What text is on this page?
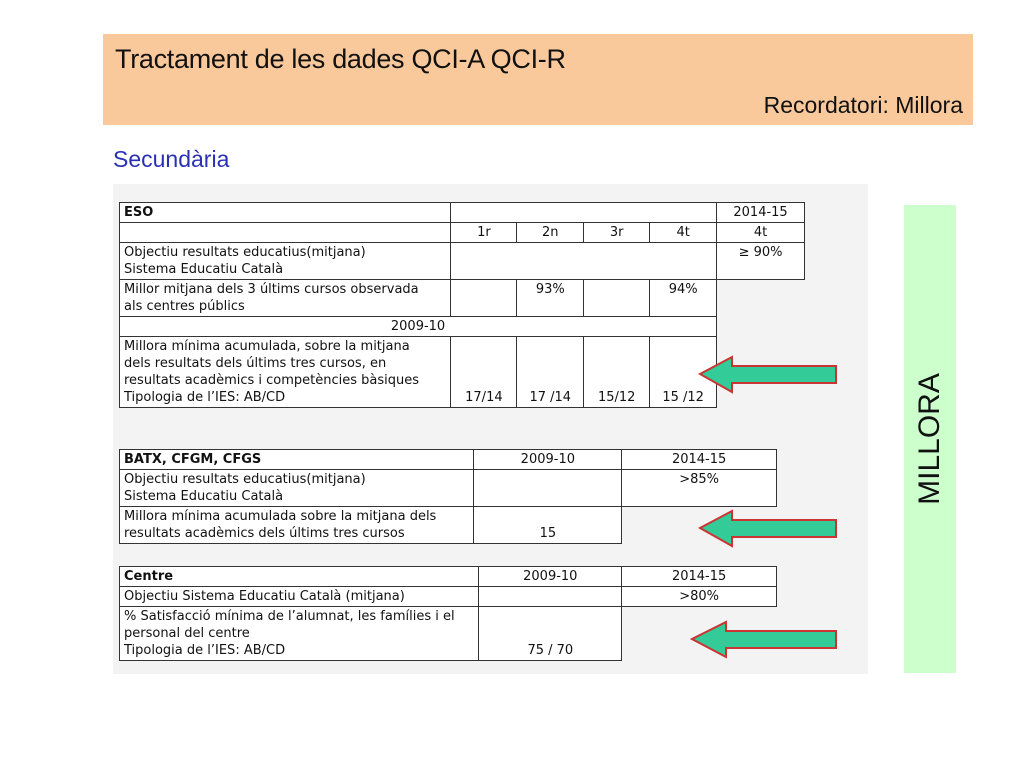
Tractament de les dades QCI-A QCI-R
Recordatori: Millora
Secundària
ESO					2014-15
	1r	2n	3r	4t	4t
Objectiu resultats educatius(mitjana)
Sistema Educatiu Català					≥ 90%
Millor mitjana dels 3 últims cursos observada
als centres públics		93%		94%	
2009-10					
Millora mínima acumulada, sobre la mitjana
dels resultats dels últims tres cursos, en
resultats acadèmics i competències bàsiques
Tipologia de l’IES: AB/CD	17/14	17 /14	15/12	15 /12	
BATX, CFGM, CFGS	2009-10	2014-15
Objectiu resultats educatius(mitjana)
Sistema Educatiu Català		>85%
Millora mínima acumulada sobre la mitjana dels
resultats acadèmics dels últims tres cursos	15	
Centre	2009-10	2014-15
Objectiu Sistema Educatiu Català (mitjana)		>80%
% Satisfacció mínima de l’alumnat, les famílies i el
personal del centre
Tipologia de l’IES: AB/CD	75 / 70	
MILLORA
